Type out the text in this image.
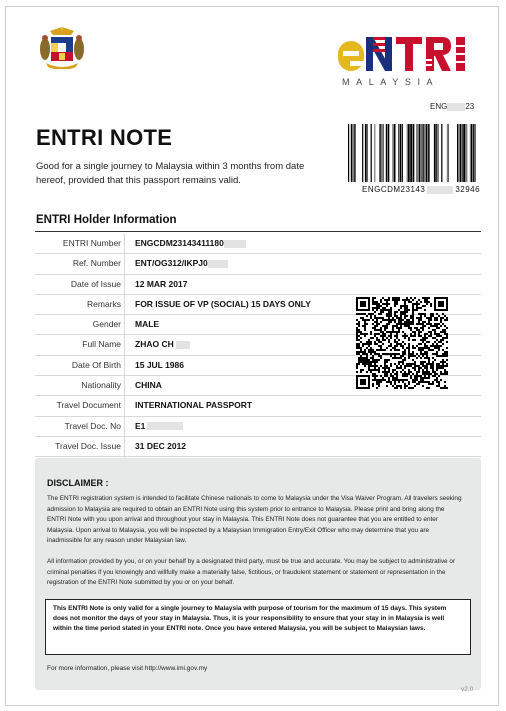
MALAYSIA
ENG 23
ENTRI NOTE
Good for a single journey to Malaysia within 3 months from date hereof, provided that this passport remains valid.
ENGCDM23143	32946
ENTRI Holder Information
ENTRI Number	ENGCDM23143411180
Ref. Number	ENT/OG312/IKPJ0
Date of Issue	12 MAR 2017
Remarks	FOR ISSUE OF VP (SOCIAL) 15 DAYS ONLY
Gender	MALE
Full Name	ZHAO CH
Date Of Birth	15 JUL 1986
Nationality	CHINA
Travel Document	INTERNATIONAL PASSPORT
Travel Doc. No	E1
Travel Doc. Issue	31 DEC 2012
DISCLAIMER :
The ENTRI registration system is intended to facilitate Chinese nationals to come to Malaysia under the Visa Waiver Program. All travelers seeking admission to Malaysia are required to obtain an ENTRI Note using this system prior to entrance to Malaysia. Please print and bring along the ENTRI Note with you upon arrival and throughout your stay in Malaysia. This ENTRI Note does not guarantee that you are entitled to enter Malaysia. Upon arrival to Malaysia, you will be inspected by a Malaysian Immigration Entry/Exit Officer who may determine that you are inadmissible for any reason under Malaysian law.
All information provided by you, or on your behalf by a designated third party, must be true and accurate. You may be subject to administrative or criminal penalties if you knowingly and willfully make a materially false, fictitious, or fraudulent statement or statement or representation in the registration of the ENTRI Note submitted by you or on your behalf.
This ENTRI Note is only valid for a single journey to Malaysia with purpose of tourism for the maximum of 15 days. This system does not monitor the days of your stay in Malaysia. Thus, it is your responsibility to ensure that your stay in in Malaysia is well within the time period stated in your ENTRI note. Once you have entered Malaysia, you will be subject to Malaysian laws.
For more information, please visit http://www.imi.gov.my
v2.0
